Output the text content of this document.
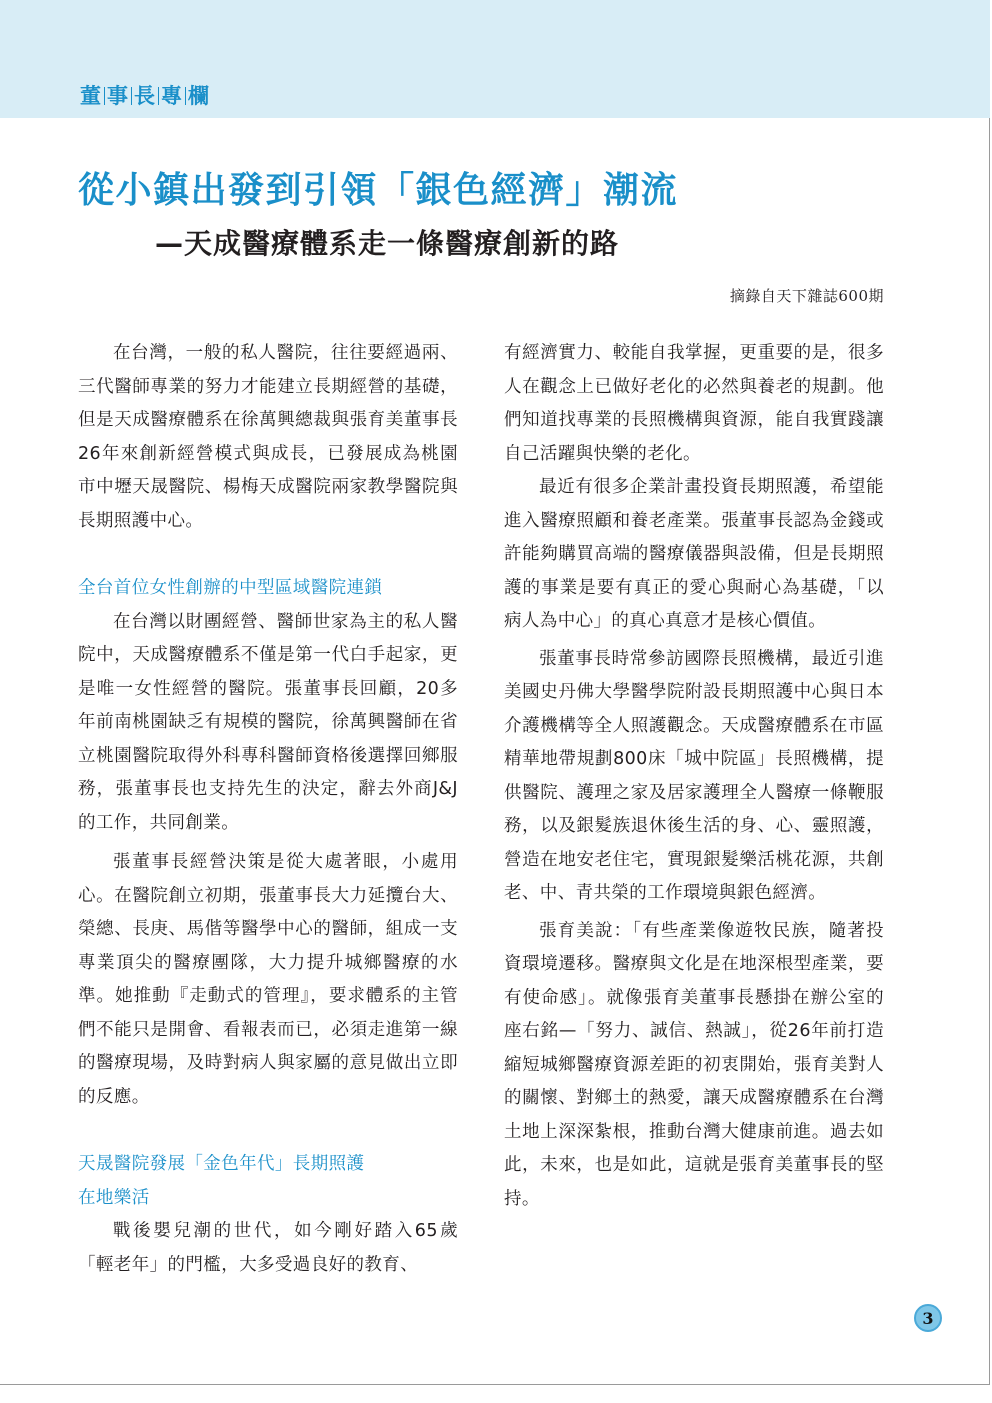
董 事 長 專 欄
從小鎮出發到引領「銀色經濟」潮流
—天成醫療體系走一條醫療創新的路
摘錄自天下雜誌600期

在台灣，一般的私人醫院，往往要經過兩、三代醫師專業的努力才能建立長期經營的基礎，但是天成醫療體系在徐萬興總裁與張育美董事長26年來創新經營模式與成長，已發展成為桃園市中壢天晟醫院、楊梅天成醫院兩家教學醫院與長期照護中心。

全台首位女性創辦的中型區域醫院連鎖

在台灣以財團經營、醫師世家為主的私人醫院中，天成醫療體系不僅是第一代白手起家，更是唯一女性經營的醫院。張董事長回顧，20多年前南桃園缺乏有規模的醫院，徐萬興醫師在省立桃園醫院取得外科專科醫師資格後選擇回鄉服務，張董事長也支持先生的決定，辭去外商J&J的工作，共同創業。

張董事長經營決策是從大處著眼，小處用心。在醫院創立初期，張董事長大力延攬台大、榮總、長庚、馬偕等醫學中心的醫師，組成一支專業頂尖的醫療團隊，大力提升城鄉醫療的水準。她推動『走動式的管理』，要求體系的主管們不能只是開會、看報表而已，必須走進第一線的醫療現場，及時對病人與家屬的意見做出立即的反應。

天晟醫院發展「金色年代」長期照護
在地樂活

戰後嬰兒潮的世代，如今剛好踏入65歲「輕老年」的門檻，大多受過良好的教育、

有經濟實力、較能自我掌握，更重要的是，很多人在觀念上已做好老化的必然與養老的規劃。他們知道找專業的長照機構與資源，能自我實踐讓自己活躍與快樂的老化。

最近有很多企業計畫投資長期照護，希望能進入醫療照顧和養老產業。張董事長認為金錢或許能夠購買高端的醫療儀器與設備，但是長期照護的事業是要有真正的愛心與耐心為基礎，「以病人為中心」的真心真意才是核心價值。

張董事長時常參訪國際長照機構，最近引進美國史丹佛大學醫學院附設長期照護中心與日本介護機構等全人照護觀念。天成醫療體系在市區精華地帶規劃800床「城中院區」長照機構，提供醫院、護理之家及居家護理全人醫療一條鞭服務，以及銀髮族退休後生活的身、心、靈照護，營造在地安老住宅，實現銀髮樂活桃花源，共創老、中、青共榮的工作環境與銀色經濟。

張育美說：「有些產業像遊牧民族，隨著投資環境遷移。醫療與文化是在地深根型產業，要有使命感」。就像張育美董事長懸掛在辦公室的座右銘—「努力、誠信、熱誠」，從26年前打造縮短城鄉醫療資源差距的初衷開始，張育美對人的關懷、對鄉土的熱愛，讓天成醫療體系在台灣土地上深深紮根，推動台灣大健康前進。過去如此，未來，也是如此，這就是張育美董事長的堅持。

3
